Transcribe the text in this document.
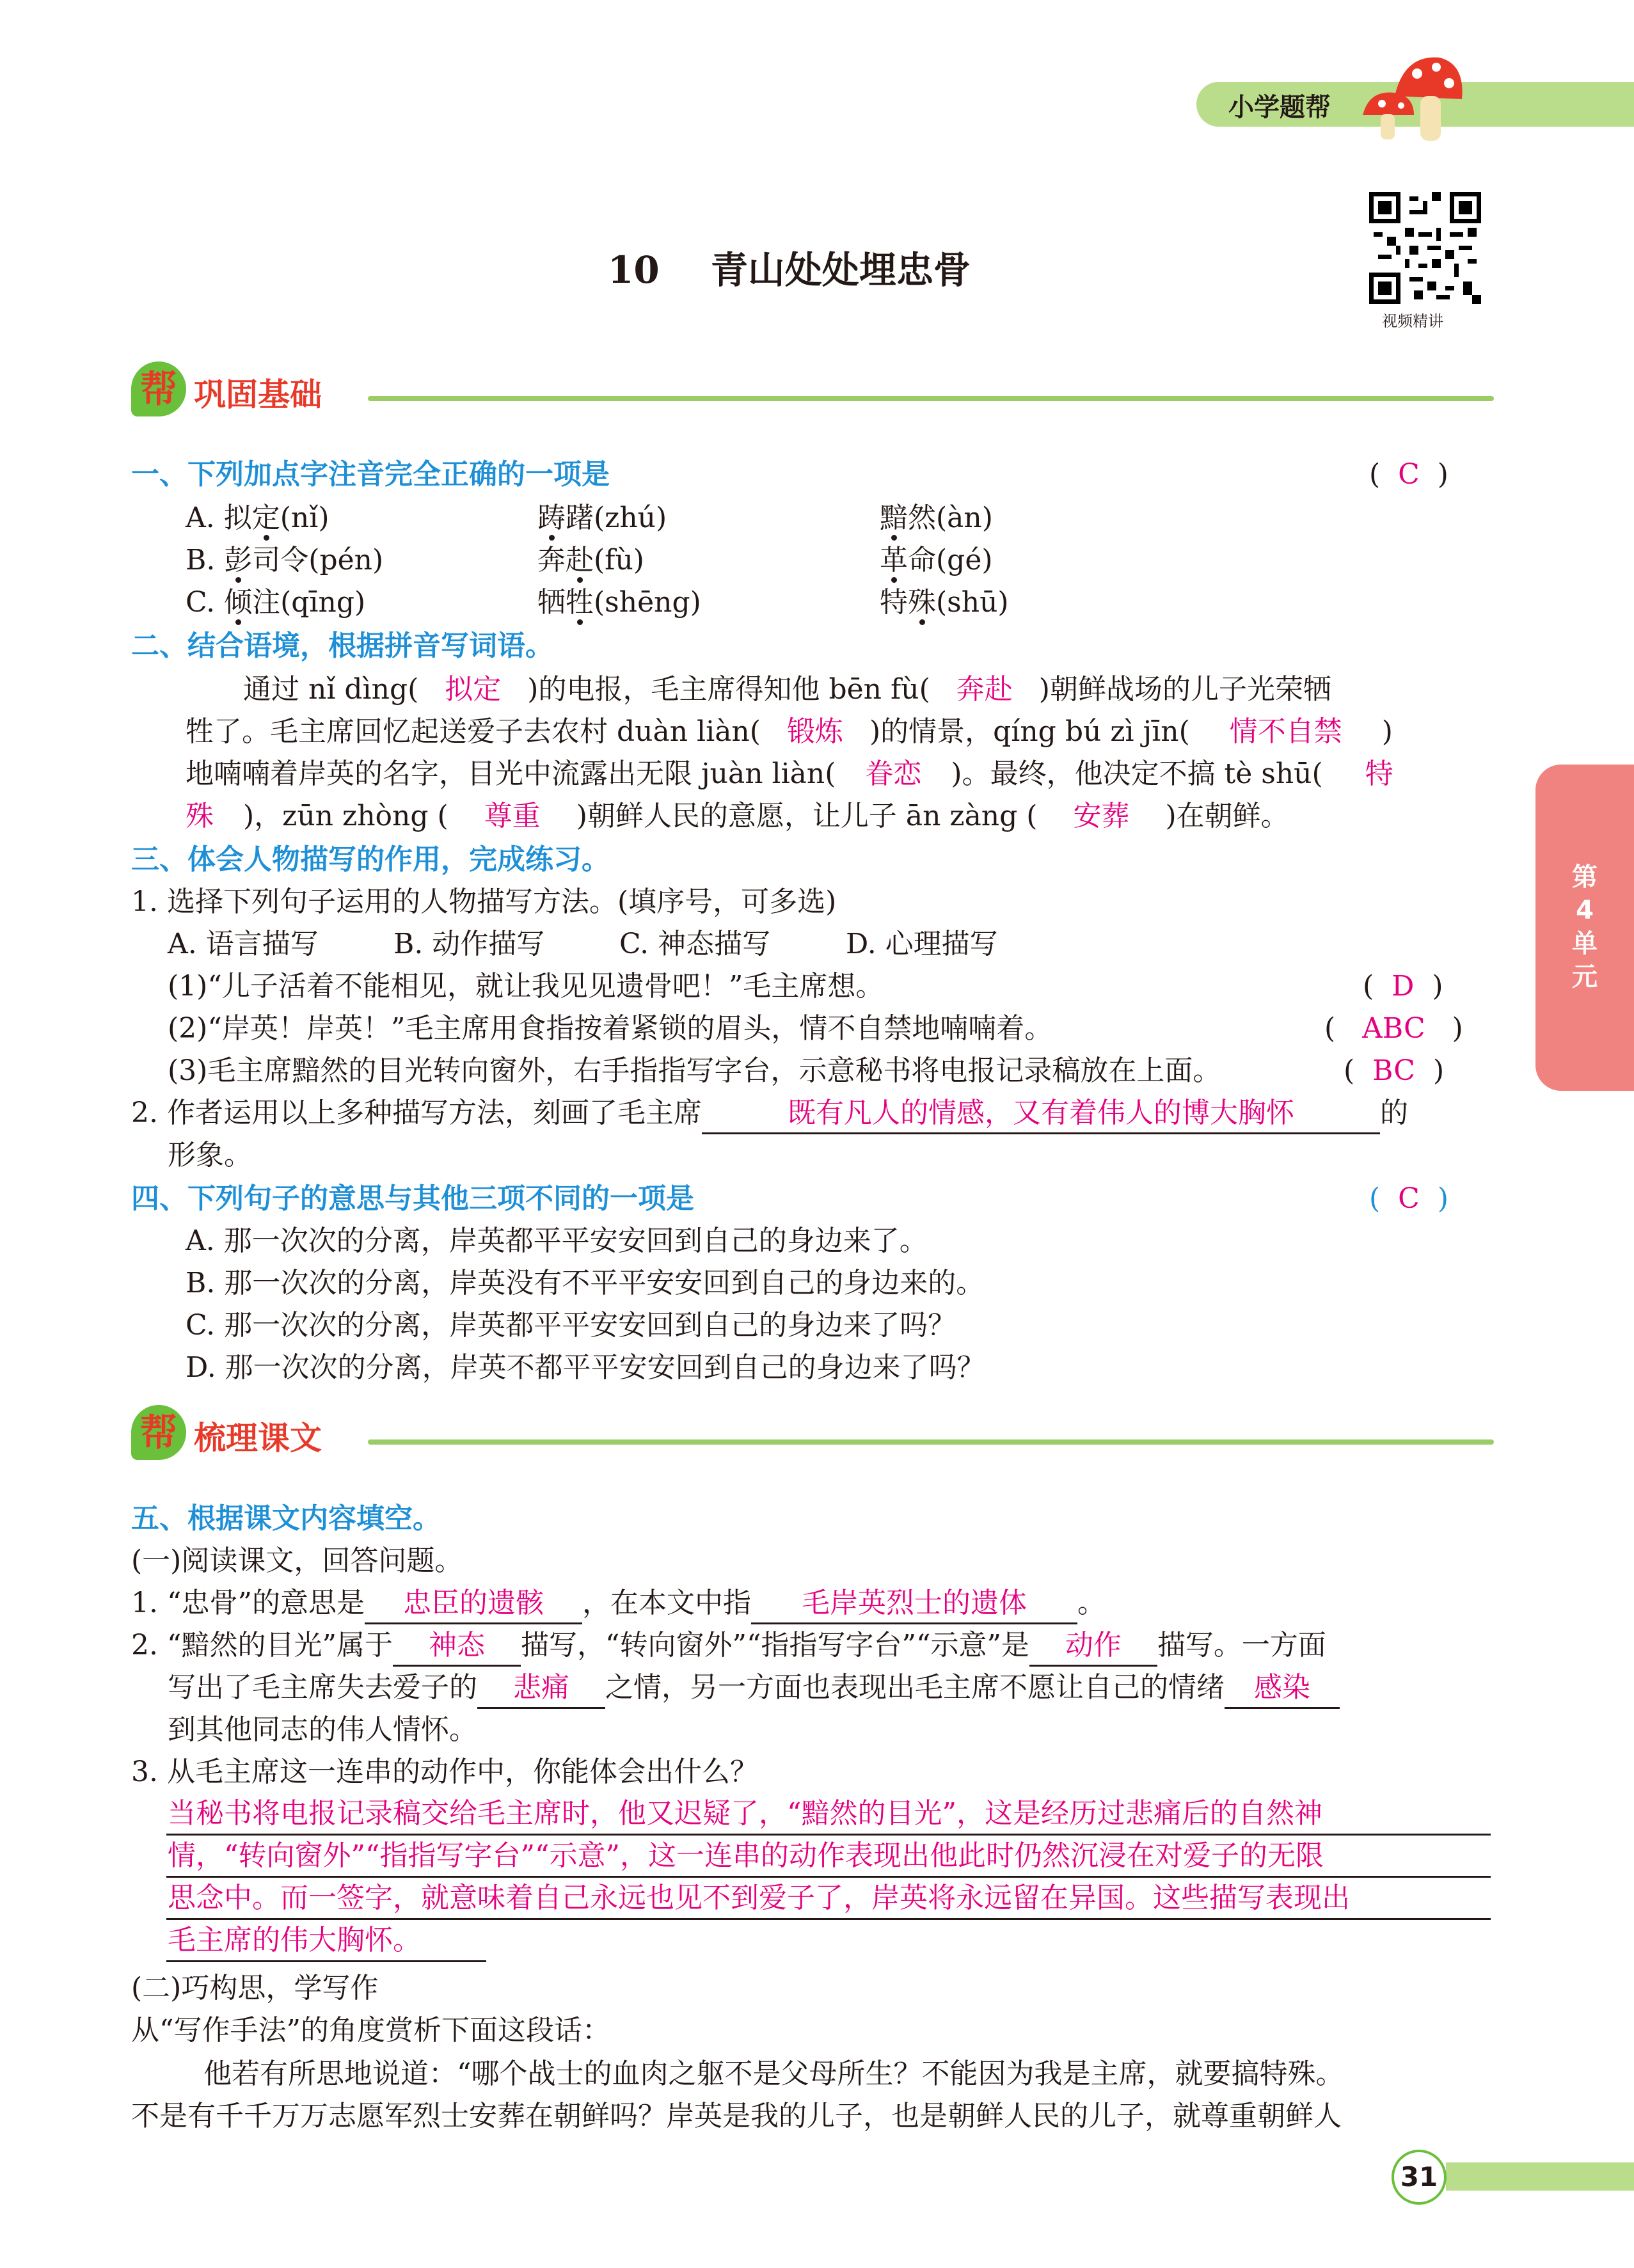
小学题帮
视频精讲
10 青山处处埋忠骨
帮 巩固基础
一、下列加点字注音完全正确的一项是	(  C  )
A. 拟定(nǐ)	踌躇(zhú)	黯然(àn)
B. 彭司令(pén)	奔赴(fù)	革命(gé)
C. 倾注(qīng)	牺牲(shēng)	特殊(shū)
二、结合语境，根据拼音写词语。
通过 nǐ dìng( 拟定 )的电报，毛主席得知他 bēn fù( 奔赴 )朝鲜战场的儿子光荣牺
牲了。毛主席回忆起送爱子去农村 duàn liàn( 锻炼 )的情景，qíng bú zì jīn( 情不自禁 )
地喃喃着岸英的名字，目光中流露出无限 juàn liàn( 眷恋 )。最终，他决定不搞 tè shū( 特
殊 )，zūn zhòng ( 尊重 )朝鲜人民的意愿，让儿子 ān zàng ( 安葬 )在朝鲜。
三、体会人物描写的作用，完成练习。
1. 选择下列句子运用的人物描写方法。(填序号，可多选)
A. 语言描写	B. 动作描写	C. 神态描写	D. 心理描写
(1)“儿子活着不能相见，就让我见见遗骨吧！”毛主席想。	(  D  )
(2)“岸英！岸英！”毛主席用食指按着紧锁的眉头，情不自禁地喃喃着。	(   ABC   )
(3)毛主席黯然的目光转向窗外，右手指指写字台，示意秘书将电报记录稿放在上面。	(  BC  )
2. 作者运用以上多种描写方法，刻画了毛主席	既有凡人的情感，又有着伟人的博大胸怀	的
形象。
四、下列句子的意思与其他三项不同的一项是	( C )
A. 那一次次的分离，岸英都平平安安回到自己的身边来了。
B. 那一次次的分离，岸英没有不平平安安回到自己的身边来的。
C. 那一次次的分离，岸英都平平安安回到自己的身边来了吗？
D. 那一次次的分离，岸英不都平平安安回到自己的身边来了吗？
帮 梳理课文
五、根据课文内容填空。
(一)阅读课文，回答问题。
1. “忠骨”的意思是 忠臣的遗骸 ，在本文中指 毛岸英烈士的遗体 。
2. “黯然的目光”属于 神态 描写，“转向窗外”“指指写字台”“示意”是 动作 描写。一方面
写出了毛主席失去爱子的 悲痛 之情，另一方面也表现出毛主席不愿让自己的情绪 感染
到其他同志的伟人情怀。
3. 从毛主席这一连串的动作中，你能体会出什么？
当秘书将电报记录稿交给毛主席时，他又迟疑了，“黯然的目光”，这是经历过悲痛后的自然神
情，“转向窗外”“指指写字台”“示意”，这一连串的动作表现出他此时仍然沉浸在对爱子的无限
思念中。而一签字，就意味着自己永远也见不到爱子了，岸英将永远留在异国。这些描写表现出
毛主席的伟大胸怀。
(二)巧构思，学写作
从“写作手法”的角度赏析下面这段话：
他若有所思地说道：“哪个战士的血肉之躯不是父母所生？不能因为我是主席，就要搞特殊。
不是有千千万万志愿军烈士安葬在朝鲜吗？岸英是我的儿子，也是朝鲜人民的儿子，就尊重朝鲜人
第
4
单
元
31
